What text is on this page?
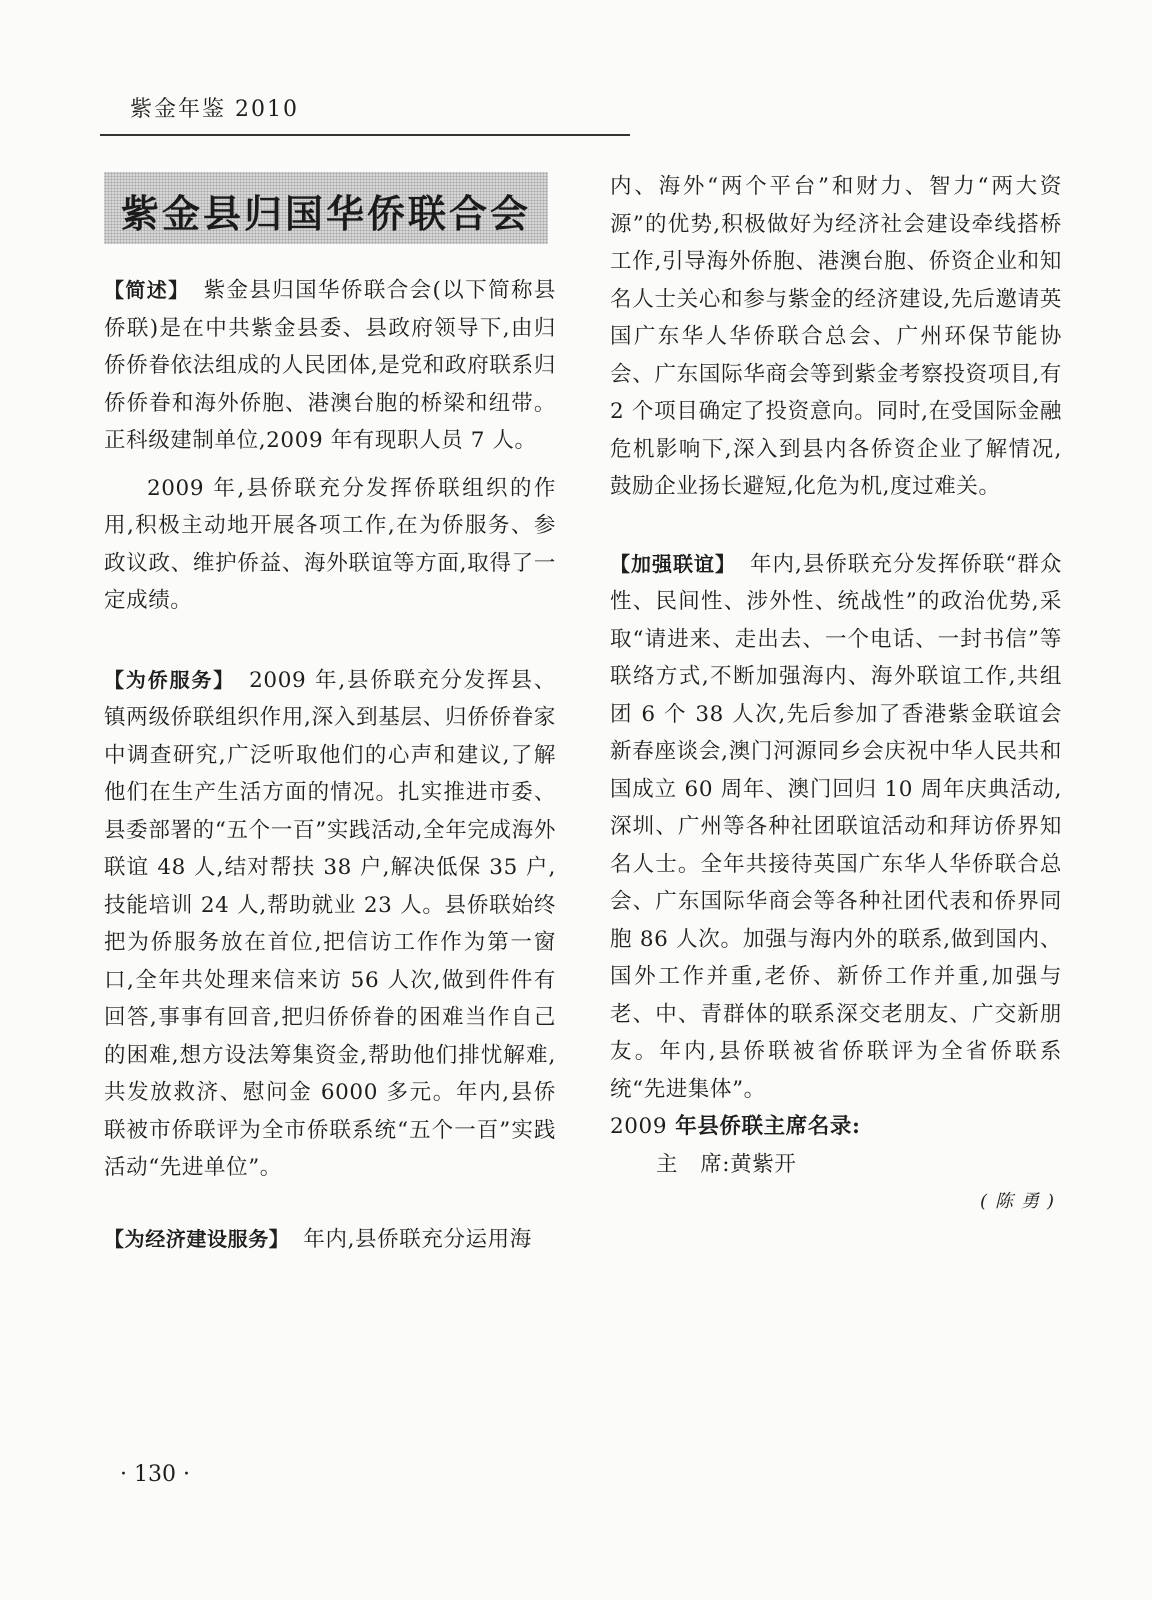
紫金年鉴 2010
紫金县归国华侨联合会

【简述】 紫金县归国华侨联合会(以下简称县侨联)是在中共紫金县委、县政府领导下,由归侨侨眷依法组成的人民团体,是党和政府联系归侨侨眷和海外侨胞、港澳台胞的桥梁和纽带。正科级建制单位,2009 年有现职人员 7 人。

2009 年,县侨联充分发挥侨联组织的作用,积极主动地开展各项工作,在为侨服务、参政议政、维护侨益、海外联谊等方面,取得了一定成绩。

【为侨服务】 2009 年,县侨联充分发挥县、镇两级侨联组织作用,深入到基层、归侨侨眷家中调查研究,广泛听取他们的心声和建议,了解他们在生产生活方面的情况。扎实推进市委、县委部署的“五个一百”实践活动,全年完成海外联谊 48 人,结对帮扶 38 户,解决低保 35 户,技能培训 24 人,帮助就业 23 人。县侨联始终把为侨服务放在首位,把信访工作作为第一窗口,全年共处理来信来访 56 人次,做到件件有回答,事事有回音,把归侨侨眷的困难当作自己的困难,想方设法筹集资金,帮助他们排忧解难,共发放救济、慰问金 6000 多元。年内,县侨联被市侨联评为全市侨联系统“五个一百”实践活动“先进单位”。

【为经济建设服务】 年内,县侨联充分运用海

内、海外“两个平台”和财力、智力“两大资源”的优势,积极做好为经济社会建设牵线搭桥工作,引导海外侨胞、港澳台胞、侨资企业和知名人士关心和参与紫金的经济建设,先后邀请英国广东华人华侨联合总会、广州环保节能协会、广东国际华商会等到紫金考察投资项目,有 2 个项目确定了投资意向。同时,在受国际金融危机影响下,深入到县内各侨资企业了解情况,鼓励企业扬长避短,化危为机,度过难关。

【加强联谊】 年内,县侨联充分发挥侨联“群众性、民间性、涉外性、统战性”的政治优势,采取“请进来、走出去、一个电话、一封书信”等联络方式,不断加强海内、海外联谊工作,共组团 6 个 38 人次,先后参加了香港紫金联谊会新春座谈会,澳门河源同乡会庆祝中华人民共和国成立 60 周年、澳门回归 10 周年庆典活动,深圳、广州等各种社团联谊活动和拜访侨界知名人士。全年共接待英国广东华人华侨联合总会、广东国际华商会等各种社团代表和侨界同胞 86 人次。加强与海内外的联系,做到国内、国外工作并重,老侨、新侨工作并重,加强与老、中、青群体的联系深交老朋友、广交新朋友。年内,县侨联被省侨联评为全省侨联系统“先进集体”。

2009 年县侨联主席名录:

主　席:黄紫开

(陈勇)

· 130 ·
